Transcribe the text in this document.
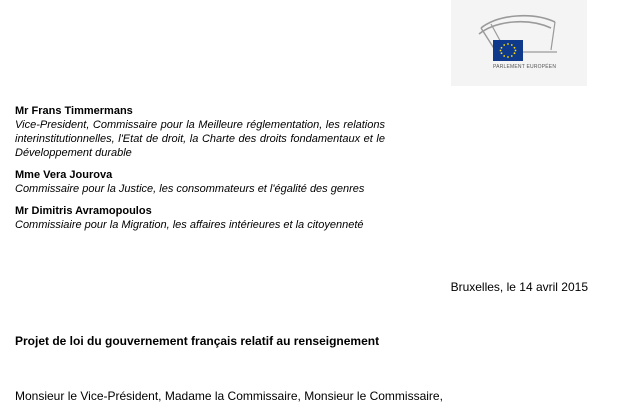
PARLEMENT EUROPÉEN
Mr Frans Timmermans
Vice-President, Commissaire pour la Meilleure réglementation, les relations interinstitutionnelles, l'Etat de droit, la Charte des droits fondamentaux et le Développement durable
Mme Vera Jourova
Commissaire pour la Justice, les consommateurs et l'égalité des genres
Mr Dimitris Avramopoulos
Commissiaire pour la Migration, les affaires intérieures et la citoyenneté
Bruxelles, le 14 avril 2015
Projet de loi du gouvernement français relatif au renseignement
Monsieur le Vice-Président, Madame la Commissaire, Monsieur le Commissaire,
